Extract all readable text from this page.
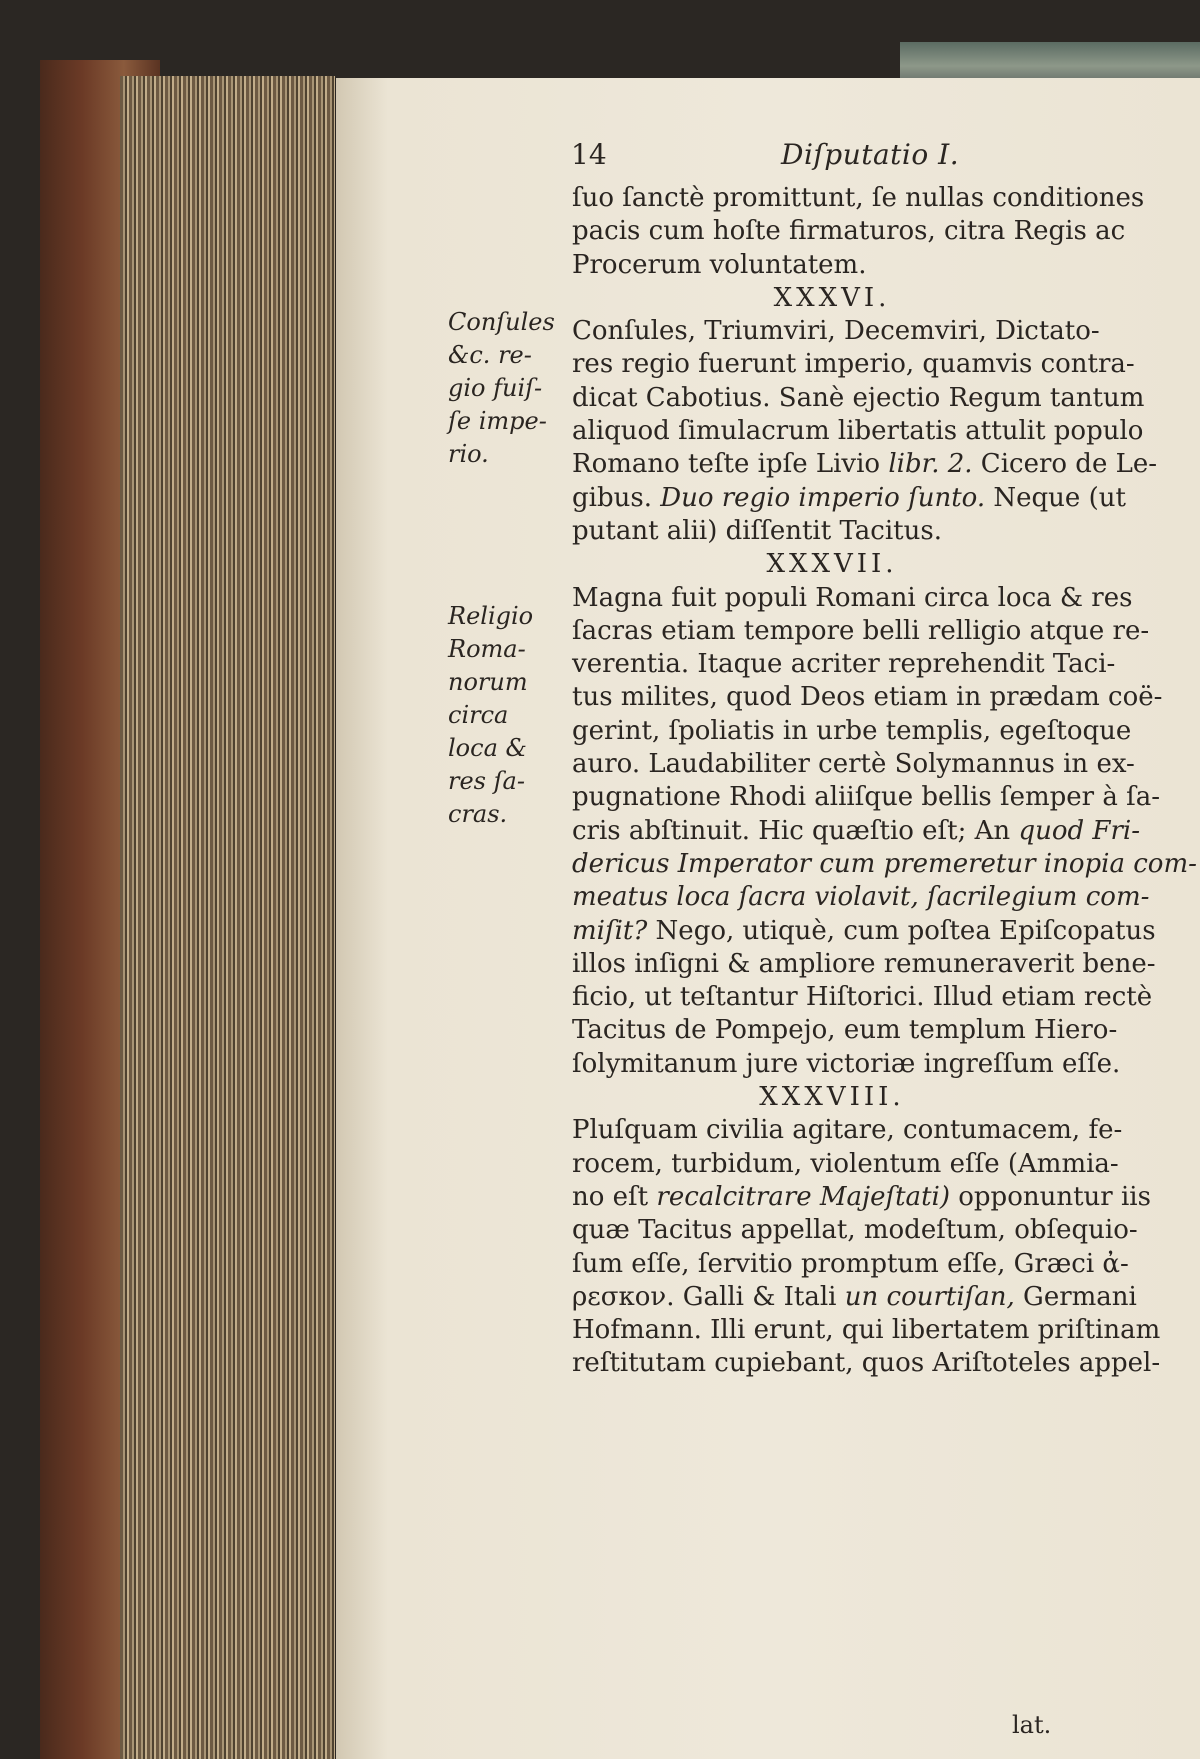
14	Diſputatio I.

Conſules

&c. re-

gio fuiſ-

ſe impe-

rio.

Religio

Roma-

norum

circa

loca &

res ſa-

cras.

ſuo ſanctè promittunt, ſe nullas conditiones

pacis cum hoſte firmaturos, citra Regis ac

Procerum voluntatem.

XXXVI.

Conſules, Triumviri, Decemviri, Dictato-

res regio fuerunt imperio, quamvis contra-

dicat Cabotius. Sanè ejectio Regum tantum

aliquod ſimulacrum libertatis attulit populo

Romano teſte ipſe Livio libr. 2. Cicero de Le-

gibus. Duo regio imperio ſunto. Neque (ut

putant alii) diſſentit Tacitus.

XXXVII.

Magna fuit populi Romani circa loca & res

ſacras etiam tempore belli relligio atque re-

verentia. Itaque acriter reprehendit Taci-

tus milites, quod Deos etiam in prædam coë-

gerint, ſpoliatis in urbe templis, egeſtoque

auro. Laudabiliter certè Solymannus in ex-

pugnatione Rhodi aliiſque bellis ſemper à ſa-

cris abſtinuit. Hic quæſtio eſt; An quod Fri-

dericus Imperator cum premeretur inopia com-

meatus loca ſacra violavit, ſacrilegium com-

miſit? Nego, utiquè, cum poſtea Epiſcopatus

illos inſigni & ampliore remuneraverit bene-

ficio, ut teſtantur Hiſtorici. Illud etiam rectè

Tacitus de Pompejo, eum templum Hiero-

ſolymitanum jure victoriæ ingreſſum eſſe.

XXXVIII.

Pluſquam civilia agitare, contumacem, fe-

rocem, turbidum, violentum eſſe (Ammia-

no eſt recalcitrare Majeſtati) opponuntur iis

quæ Tacitus appellat, modeſtum, obſequio-

ſum eſſe, ſervitio promptum eſſe, Græci ἀ-

ρεσκον. Galli & Itali un courtiſan, Germani

Hofmann. Illi erunt, qui libertatem priſtinam

reſtitutam cupiebant, quos Ariſtoteles appel-

lat.
